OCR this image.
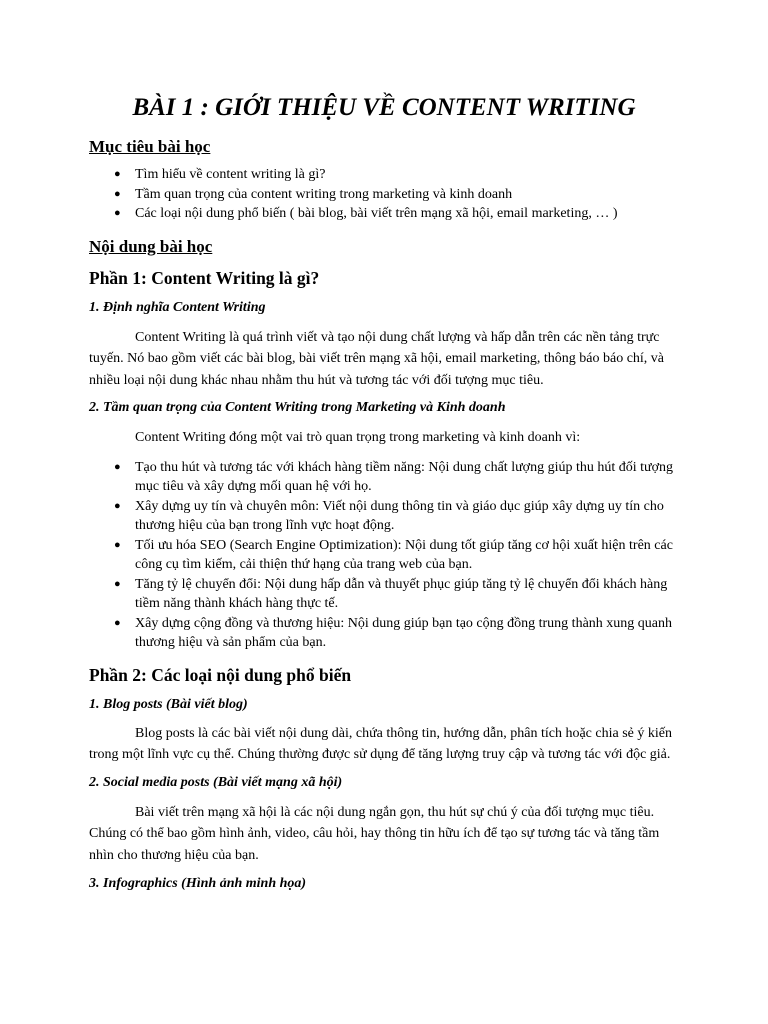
BÀI 1 : GIỚI THIỆU VỀ CONTENT WRITING
Mục tiêu bài học
● Tìm hiểu về content writing là gì?
● Tầm quan trọng của content writing trong marketing và kinh doanh
● Các loại nội dung phổ biến ( bài blog, bài viết trên mạng xã hội, email marketing, … )
Nội dung bài học
Phần 1: Content Writing là gì?
1. Định nghĩa Content Writing

Content Writing là quá trình viết và tạo nội dung chất lượng và hấp dẫn trên các nền tảng trực tuyến. Nó bao gồm viết các bài blog, bài viết trên mạng xã hội, email marketing, thông báo báo chí, và nhiều loại nội dung khác nhau nhằm thu hút và tương tác với đối tượng mục tiêu.

2. Tầm quan trọng của Content Writing trong Marketing và Kinh doanh

Content Writing đóng một vai trò quan trọng trong marketing và kinh doanh vì:

● Tạo thu hút và tương tác với khách hàng tiềm năng: Nội dung chất lượng giúp thu hút đối tượng mục tiêu và xây dựng mối quan hệ với họ.
● Xây dựng uy tín và chuyên môn: Viết nội dung thông tin và giáo dục giúp xây dựng uy tín cho thương hiệu của bạn trong lĩnh vực hoạt động.
● Tối ưu hóa SEO (Search Engine Optimization): Nội dung tốt giúp tăng cơ hội xuất hiện trên các công cụ tìm kiếm, cải thiện thứ hạng của trang web của bạn.
● Tăng tỷ lệ chuyển đổi: Nội dung hấp dẫn và thuyết phục giúp tăng tỷ lệ chuyển đổi khách hàng tiềm năng thành khách hàng thực tế.
● Xây dựng cộng đồng và thương hiệu: Nội dung giúp bạn tạo cộng đồng trung thành xung quanh thương hiệu và sản phẩm của bạn.
Phần 2: Các loại nội dung phổ biến
1. Blog posts (Bài viết blog)

Blog posts là các bài viết nội dung dài, chứa thông tin, hướng dẫn, phân tích hoặc chia sẻ ý kiến trong một lĩnh vực cụ thể. Chúng thường được sử dụng để tăng lượng truy cập và tương tác với độc giả.

2. Social media posts (Bài viết mạng xã hội)

Bài viết trên mạng xã hội là các nội dung ngắn gọn, thu hút sự chú ý của đối tượng mục tiêu. Chúng có thể bao gồm hình ảnh, video, câu hỏi, hay thông tin hữu ích để tạo sự tương tác và tăng tầm nhìn cho thương hiệu của bạn.

3. Infographics (Hình ảnh minh họa)
